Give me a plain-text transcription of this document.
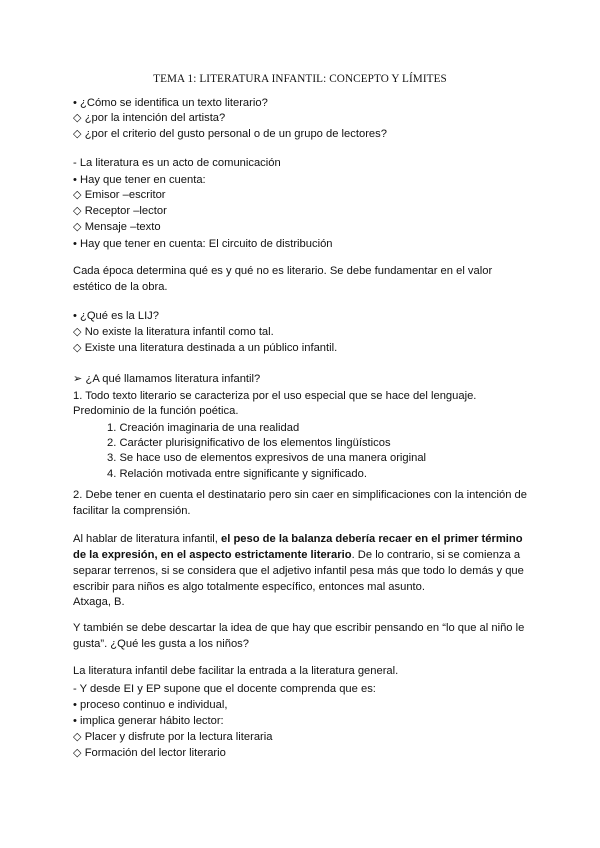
TEMA 1: LITERATURA INFANTIL: CONCEPTO Y LÍMITES
• ¿Cómo se identifica un texto literario?
◇ ¿por la intención del artista?
◇ ¿por el criterio del gusto personal o de un grupo de lectores?
- La literatura es un acto de comunicación
• Hay que tener en cuenta:
◇ Emisor –escritor
◇ Receptor –lector
◇ Mensaje –texto
• Hay que tener en cuenta: El circuito de distribución
Cada época determina qué es y qué no es literario. Se debe fundamentar en el valor
estético de la obra.
• ¿Qué es la LIJ?
◇ No existe la literatura infantil como tal.
◇ Existe una literatura destinada a un público infantil.
➢ ¿A qué llamamos literatura infantil?
1. Todo texto literario se caracteriza por el uso especial que se hace del lenguaje.
Predominio de la función poética.
1. Creación imaginaria de una realidad
2. Carácter plurisignificativo de los elementos lingüísticos
3. Se hace uso de elementos expresivos de una manera original
4. Relación motivada entre significante y significado.
2. Debe tener en cuenta el destinatario pero sin caer en simplificaciones con la intención de
facilitar la comprensión.
Al hablar de literatura infantil, el peso de la balanza debería recaer en el primer término
de la expresión, en el aspecto estrictamente literario. De lo contrario, si se comienza a
separar terrenos, si se considera que el adjetivo infantil pesa más que todo lo demás y que
escribir para niños es algo totalmente específico, entonces mal asunto.
Atxaga, B.
Y también se debe descartar la idea de que hay que escribir pensando en “lo que al niño le
gusta”. ¿Qué les gusta a los niños?
La literatura infantil debe facilitar la entrada a la literatura general.
- Y desde EI y EP supone que el docente comprenda que es:
• proceso continuo e individual,
• implica generar hábito lector:
◇ Placer y disfrute por la lectura literaria
◇ Formación del lector literario
